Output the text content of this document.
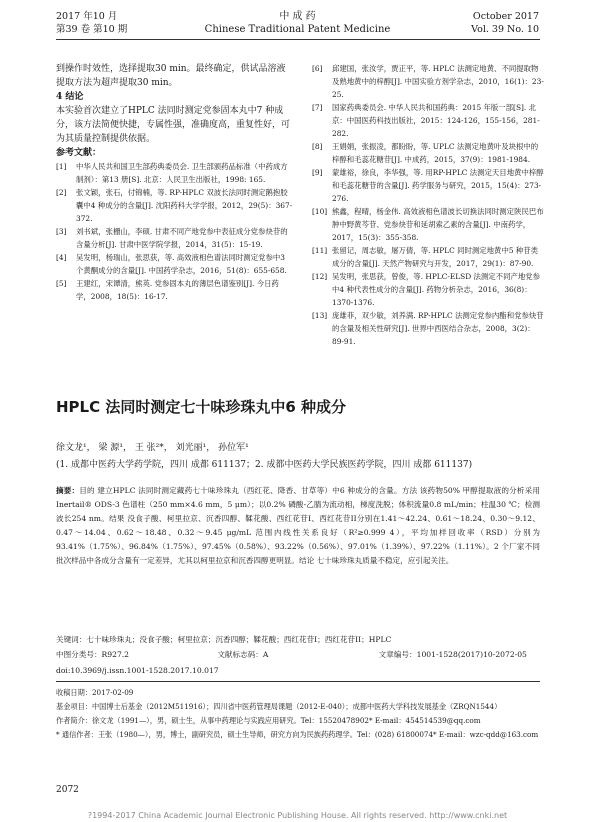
2017 年10 月
第39 卷 第10 期
中 成 药
Chinese Traditional Patent Medicine
October 2017
Vol. 39 No. 10

到操作时效性，选择提取30 min。最终确定，供试品溶液提取方法为超声提取30 min。

4 结论

本实验首次建立了HPLC 法同时测定党参固本丸中7 种成分，该方法简便快捷，专属性强，准确度高，重复性好，可为其质量控制提供依据。

参考文献：

[1]	中华人民共和国卫生部药典委员会. 卫生部颁药品标准（中药成方制剂）：第13 册[S]. 北京：人民卫生出版社，1998: 165.
[2]	张文颖，张石，付锦楠，等. RP-HPLC 双波长法同时测定鹅抱胶囊中4 种成分的含量[J]. 沈阳药科大学学报，2012，29(5)：367-372.
[3]	刘书斌，张栅山，李硕. 甘肃不同产地党参中表征成分党参炔苷的含量分析[J]. 甘肃中医学院学报，2014，31(5)：15-19.
[4]	吴发明，杨瑞山，张思获，等. 高效液相色谱法同时测定党参中3 个黄酮成分的含量[J]. 中国药学杂志，2016，51(8)：655-658.
[5]	王建红，宋谭清，熊英. 党参固本丸的薄层色谱鉴别[J]. 今日药学，2008，18(5)：16-17.
[6]	邱建国，张汝学，贾正平，等. HPLC 法测定地黄、不同提取物及熟地黄中的梓醇[J]. 中国实验方剂学杂志，2010，16(1)：23-25.
[7]	国家药典委员会. 中华人民共和国药典：2015 年版一部[S]. 北京：中国医药科技出版社，2015：124-126，155-156，281-282.
[8]	王娟娟，张振凌，都盼盼，等. UPLC 法测定地黄叶及块根中的梓醇和毛蕊花糖苷[J]. 中成药，2015，37(9)：1981-1984.
[9]	蒙雄裕，徐良，李华强，等. 用RP-HPLC 法测定天目地黄中梓醇和毛蕊花糖苷的含量[J]. 药学服务与研究，2015，15(4)：273-276.
[10] 熊鑫，程晴，杨金伟. 高效液相色谱波长切换法同时测定陕民巴布肿中野黄芩苷、党参炔苷和延胡索乙素的含量[J]. 中南药学，2017，15(3)：355-358.
[11] 张留记，周志敏，屠万倩，等. HPLC 同时测定地黄中5 种苷类成分的含量[J]. 天然产物研究与开发，2017，29(1)：87-90.
[12] 吴发明，张思获，曾俊，等. HPLC-ELSD 法测定不同产地党参中4 种代表性成分的含量[J]. 药物分析杂志，2016，36(8)：1370-1376.
[13] 庞雄菲，双少敏，刘养满. RP-HPLC 法测定党参内酯和党参炔苷的含量及相关性研究[J]. 世界中西医结合杂志，2008，3(2)：89-91.
HPLC 法同时测定七十味珍珠丸中6 种成分
徐文龙¹， 梁 源¹， 王 张²*， 刘光丽¹， 孙位军¹
(1. 成都中医药大学药学院，四川 成都 611137；2. 成都中医药大学民族医药学院，四川 成都 611137)
摘要：目的 建立HPLC 法同时测定藏药七十味珍珠丸（西红花、降香、甘草等）中6 种成分的含量。方法 该药物50% 甲醇提取液的分析采用Inertail® ODS-3 色谱柱（250 mm×4.6 mm，5 μm）；以0.2% 磷酸-乙腈为流动相，梯度洗脱；体积流量0.8 mL/min；柱温30 ℃；检测波长254 nm。结果 没食子酸、柯里拉京、沉香四醇、鞣花酸、西红花苷I、西红花苷II分别在1.41～42.24、0.61～18.24、0.30～9.12、0.47～14.04、0.62～18.48、0.32～9.45 μg/mL 范围内线性关系良好（R²≥0.999 4），平均加样回收率（RSD）分别为93.41%（1.75%）、96.84%（1.75%）、97.45%（0.58%）、93.22%（0.56%）、97.01%（1.39%）、97.22%（1.11%）。2 个厂家不同批次样品中各成分含量有一定差异，尤其以柯里拉京和沉香四醇更明显。结论 七十味珍珠丸质量不稳定，应引起关注。
关键词：七十味珍珠丸；没食子酸；柯里拉京；沉香四醇；鞣花酸；西红花苷I；西红花苷II；HPLC
中图分类号：R927.2	文献标志码：A	文章编号：1001-1528(2017)10-2072-05
doi:10.3969/j.issn.1001-1528.2017.10.017
收稿日期：2017-02-09
基金项目：中国博士后基金（2012M511916）；四川省中医药管理局课题（2012-E-040）；成都中医药大学科技发展基金（ZRQN1544）
作者简介：徐文龙（1991—），男，硕士生，从事中药理论与实践应用研究。Tel：15520478902* E-mail：454514539@qq.com
* 通信作者：王张（1980—），男，博士，副研究员，硕士生导师，研究方向为民族药药理学。Tel：(028) 61800074* E-mail：wzc-qdd@163.com
2072
?1994-2017 China Academic Journal Electronic Publishing House. All rights reserved. http://www.cnki.net
